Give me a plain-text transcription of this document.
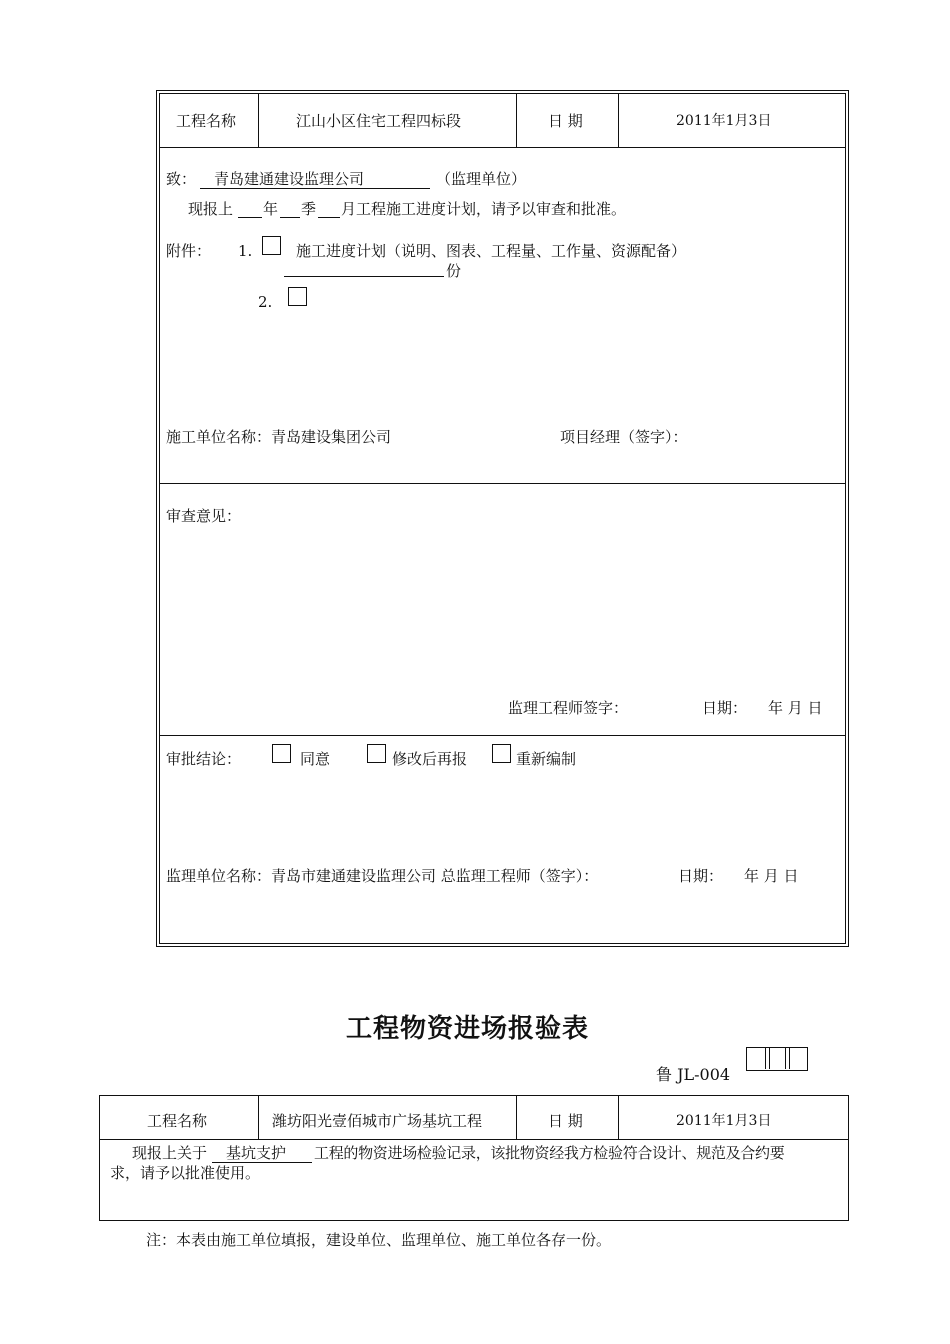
工程名称	江山小区住宅工程四标段	日 期	2011年1月3日
致：	青岛建通建设监理公司	（监理单位）
现报上 年 季 月工程施工进度计划，请予以审查和批准。
附件： 1.	施工进度计划（说明、图表、工程量、工作量、资源配备）
份
2.
施工单位名称：青岛建设集团公司	项目经理（签字）：
审查意见：
监理工程师签字：	日期： 年 月 日
审批结论：	同意	修改后再报	重新编制
监理单位名称：青岛市建通建设监理公司 总监理工程师（签字）：	日期： 年 月 日
工程物资进场报验表
鲁 JL-004
工程名称	潍坊阳光壹佰城市广场基坑工程	日 期	2011年1月3日
现报上关于	基坑支护	工程的物资进场检验记录，该批物资经我方检验符合设计、规范及合约要
求，请予以批准使用。
注：本表由施工单位填报，建设单位、监理单位、施工单位各存一份。
